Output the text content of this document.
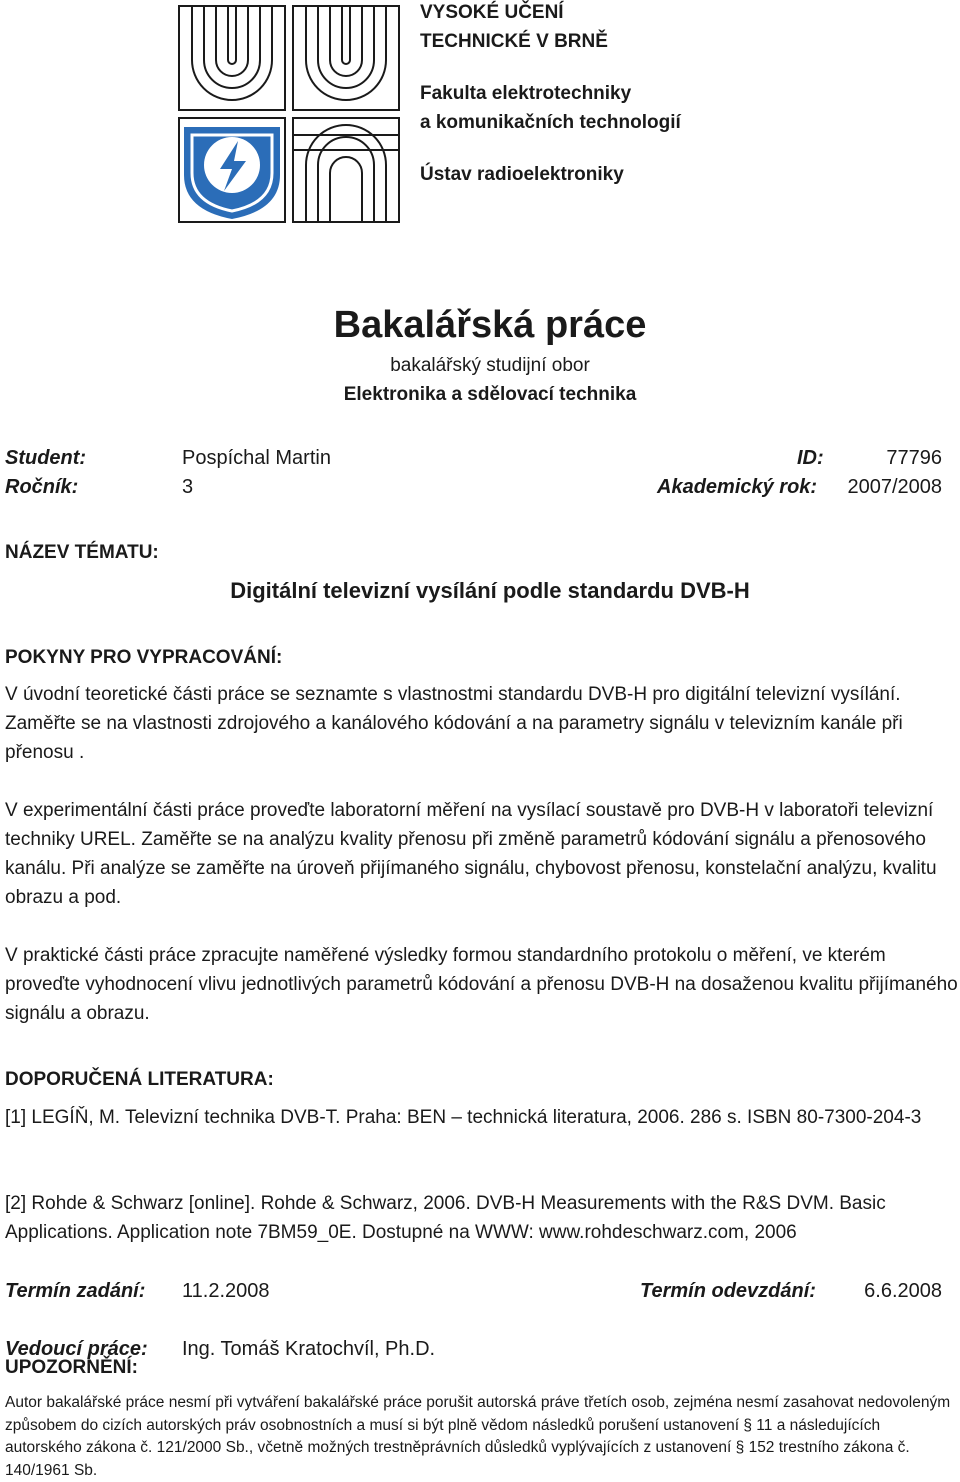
VYSOKÉ UČENÍ
TECHNICKÉ V BRNĚ
Fakulta elektrotechniky
a komunikačních technologií
Ústav radioelektroniky
Bakalářská práce
bakalářský studijní obor
Elektronika a sdělovací technika
Student:	Pospíchal Martin	ID:	77796
Ročník:	3	Akademický rok: 2007/2008
NÁZEV TÉMATU:
Digitální televizní vysílání podle standardu DVB-H
POKYNY PRO VYPRACOVÁNÍ:
V úvodní teoretické části práce se seznamte s vlastnostmi standardu DVB-H pro digitální televizní vysílání. Zaměřte se na vlastnosti zdrojového a kanálového kódování a na parametry signálu v televizním kanále při přenosu .
V experimentální části práce proveďte laboratorní měření na vysílací soustavě pro DVB-H v laboratoři televizní techniky UREL. Zaměřte se na analýzu kvality přenosu při změně parametrů kódování signálu a přenosového kanálu. Při analýze se zaměřte na úroveň přijímaného signálu, chybovost přenosu, konstelační analýzu, kvalitu obrazu a pod.
V praktické části práce zpracujte naměřené výsledky formou standardního protokolu o měření, ve kterém proveďte vyhodnocení vlivu jednotlivých parametrů kódování a přenosu DVB-H na dosaženou kvalitu přijímaného signálu a obrazu.
DOPORUČENÁ LITERATURA:
[1] LEGÍŇ, M. Televizní technika DVB-T. Praha: BEN – technická literatura, 2006. 286 s. ISBN 80-7300-204-3
[2] Rohde & Schwarz [online]. Rohde & Schwarz, 2006. DVB-H Measurements with the R&S DVM. Basic Applications. Application note 7BM59_0E. Dostupné na WWW: www.rohdeschwarz.com, 2006
Termín zadání: 11.2.2008	Termín odevzdání: 6.6.2008
Vedoucí práce: Ing. Tomáš Kratochvíl, Ph.D.
UPOZORNĚNÍ:
Autor bakalářské práce nesmí při vytváření bakalářské práce porušit autorská práve třetích osob, zejména nesmí zasahovat nedovoleným způsobem do cizích autorských práv osobnostních a musí si být plně vědom následků porušení ustanovení § 11 a následujících autorského zákona č. 121/2000 Sb., včetně možných trestněprávních důsledků vyplývajících z ustanovení § 152 trestního zákona č. 140/1961 Sb.
